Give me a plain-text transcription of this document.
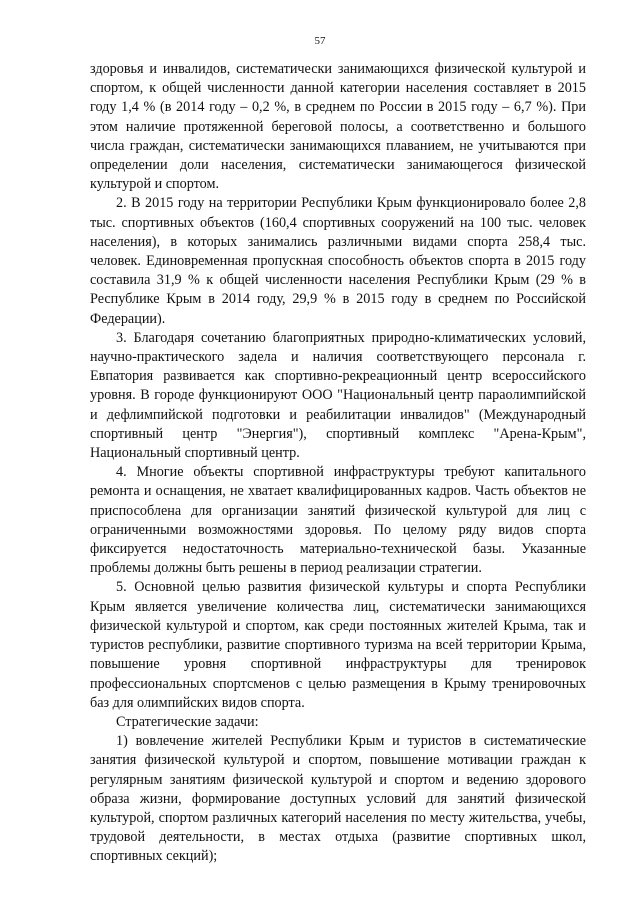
57

здоровья и инвалидов, систематически занимающихся физической культурой и спортом, к общей численности данной категории населения составляет в 2015 году 1,4 % (в 2014 году – 0,2 %, в среднем по России в 2015 году – 6,7 %). При этом наличие протяженной береговой полосы, а соответственно и большого числа граждан, систематически занимающихся плаванием, не учитываются при определении доли населения, систематически занимающегося физической культурой и спортом.

2. В 2015 году на территории Республики Крым функционировало более 2,8 тыс. спортивных объектов (160,4 спортивных сооружений на 100 тыс. человек населения), в которых занимались различными видами спорта 258,4 тыс. человек. Единовременная пропускная способность объектов спорта в 2015 году составила 31,9 % к общей численности населения Республики Крым (29 % в Республике Крым в 2014 году, 29,9 % в 2015 году в среднем по Российской Федерации).

3. Благодаря сочетанию благоприятных природно-климатических условий, научно-практического задела и наличия соответствующего персонала г. Евпатория развивается как спортивно-рекреационный центр всероссийского уровня. В городе функционируют ООО "Национальный центр параолимпийской и дефлимпийской подготовки и реабилитации инвалидов" (Международный спортивный центр "Энергия"), спортивный комплекс "Арена-Крым", Национальный спортивный центр.

4. Многие объекты спортивной инфраструктуры требуют капитального ремонта и оснащения, не хватает квалифицированных кадров. Часть объектов не приспособлена для организации занятий физической культурой для лиц с ограниченными возможностями здоровья. По целому ряду видов спорта фиксируется недостаточность материально-технической базы. Указанные проблемы должны быть решены в период реализации стратегии.

5. Основной целью развития физической культуры и спорта Республики Крым является увеличение количества лиц, систематически занимающихся физической культурой и спортом, как среди постоянных жителей Крыма, так и туристов республики, развитие спортивного туризма на всей территории Крыма, повышение уровня спортивной инфраструктуры для тренировок профессиональных спортсменов с целью размещения в Крыму тренировочных баз для олимпийских видов спорта.

Стратегические задачи:

1) вовлечение жителей Республики Крым и туристов в систематические занятия физической культурой и спортом, повышение мотивации граждан к регулярным занятиям физической культурой и спортом и ведению здорового образа жизни, формирование доступных условий для занятий физической культурой, спортом различных категорий населения по месту жительства, учебы, трудовой деятельности, в местах отдыха (развитие спортивных школ, спортивных секций);
